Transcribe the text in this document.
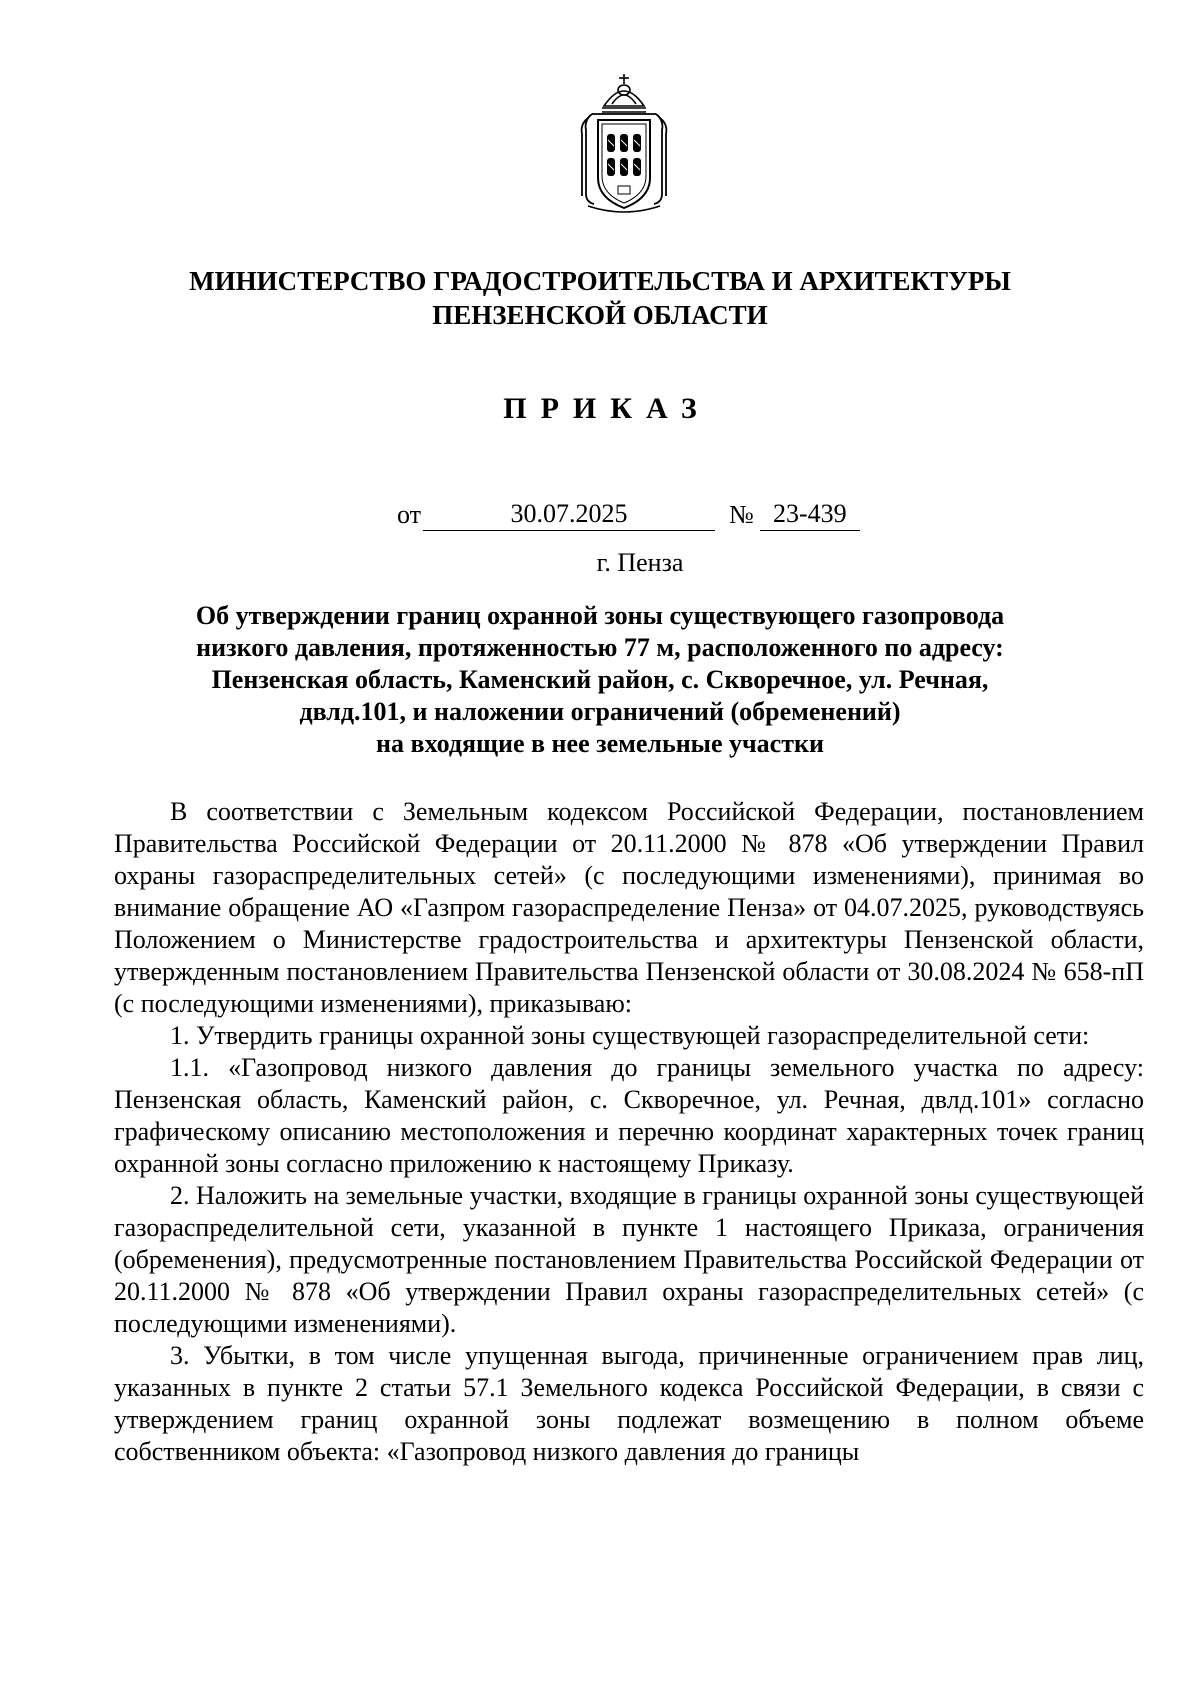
МИНИСТЕРСТВО ГРАДОСТРОИТЕЛЬСТВА И АРХИТЕКТУРЫ
ПЕНЗЕНСКОЙ ОБЛАСТИ
ПРИКАЗ
от	30.07.2025	№ 23-439
г. Пенза
Об утверждении границ охранной зоны существующего газопровода
низкого давления, протяженностью 77 м, расположенного по адресу:
Пензенская область, Каменский район, с. Скворечное, ул. Речная,
двлд.101, и наложении ограничений (обременений)
на входящие в нее земельные участки

В соответствии с Земельным кодексом Российской Федерации, постановлением Правительства Российской Федерации от 20.11.2000 № 878 «Об утверждении Правил охраны газораспределительных сетей» (с последующими изменениями), принимая во внимание обращение АО «Газпром газораспределение Пенза» от 04.07.2025, руководствуясь Положением о Министерстве градостроительства и архитектуры Пензенской области, утвержденным постановлением Правительства Пензенской области от 30.08.2024 № 658-пП (с последующими изменениями), приказываю:

1. Утвердить границы охранной зоны существующей газораспределительной сети:

1.1. «Газопровод низкого давления до границы земельного участка по адресу: Пензенская область, Каменский район, с. Скворечное, ул. Речная, двлд.101» согласно графическому описанию местоположения и перечню координат характерных точек границ охранной зоны согласно приложению к настоящему Приказу.

2. Наложить на земельные участки, входящие в границы охранной зоны существующей газораспределительной сети, указанной в пункте 1 настоящего Приказа, ограничения (обременения), предусмотренные постановлением Правительства Российской Федерации от 20.11.2000 № 878 «Об утверждении Правил охраны газораспределительных сетей» (с последующими изменениями).

3. Убытки, в том числе упущенная выгода, причиненные ограничением прав лиц, указанных в пункте 2 статьи 57.1 Земельного кодекса Российской Федерации, в связи с утверждением границ охранной зоны подлежат возмещению в полном объеме собственником объекта: «Газопровод низкого давления до границы
